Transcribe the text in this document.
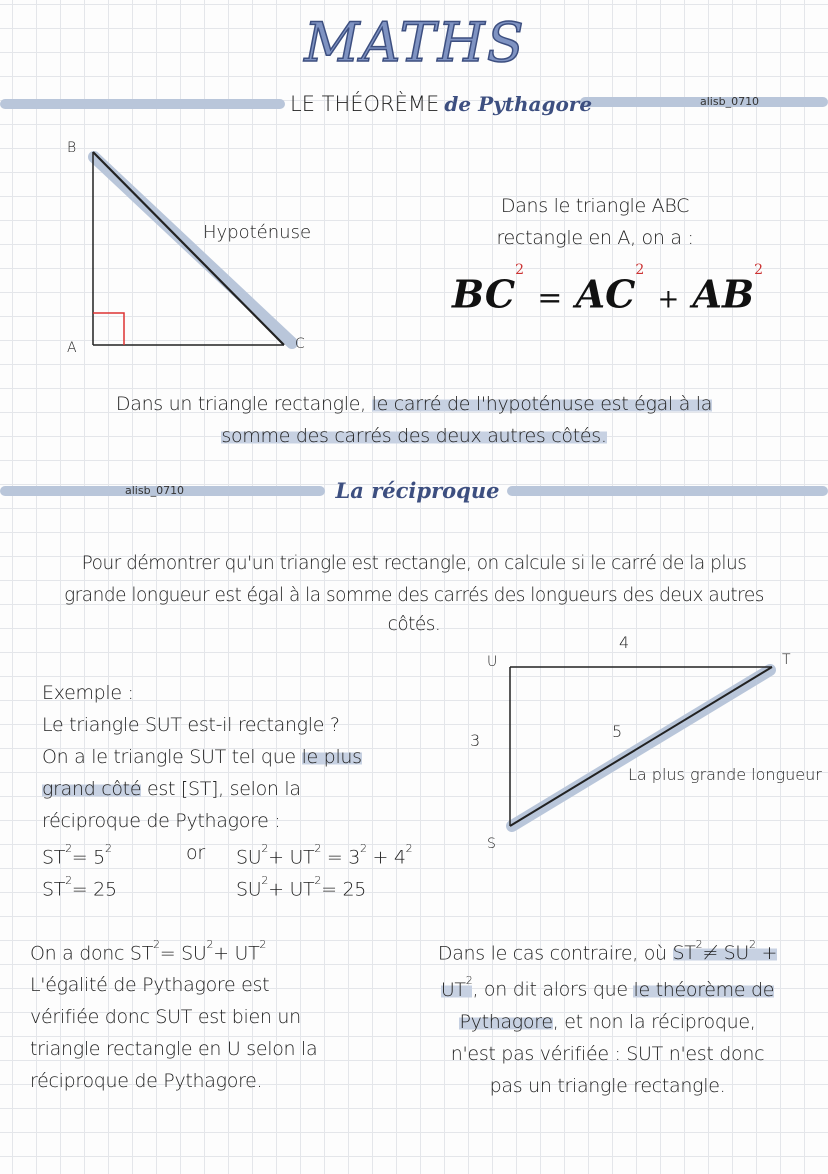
MATHS
LE THÉORÈME de Pythagore	alisb_0710
B
A	C
Hypoténuse
Dans le triangle ABC
rectangle en A, on a :
$BC^2 = AC^2 + AB^2$
Dans un triangle rectangle, le carré de l'hypoténuse est égal à la
somme des carrés des deux autres côtés.
alisb_0710	La réciproque
Pour démontrer qu'un triangle est rectangle, on calcule si le carré de la plus
grande longueur est égal à la somme des carrés des longueurs des deux autres
côtés.
Exemple :
Le triangle SUT est-il rectangle ?
On a le triangle SUT tel que le plus
grand côté est [ST], selon la
réciproque de Pythagore :
$ST^2= 5^2$	or $SU^2+ UT^2 = 3^2 + 4^2$
$ST^2= 25$	$SU^2+ UT^2= 25$
U	T
S
4
3	5
La plus grande longueur
On a donc $ST^2= SU^2+ UT^2$
L'égalité de Pythagore est
vérifiée donc SUT est bien un
triangle rectangle en U selon la
réciproque de Pythagore.
Dans le cas contraire, où $ST^2\ne SU^2$ +
$UT^2$, on dit alors que le théorème de
Pythagore, et non la réciproque,
n'est pas vérifiée : SUT n'est donc
pas un triangle rectangle.
